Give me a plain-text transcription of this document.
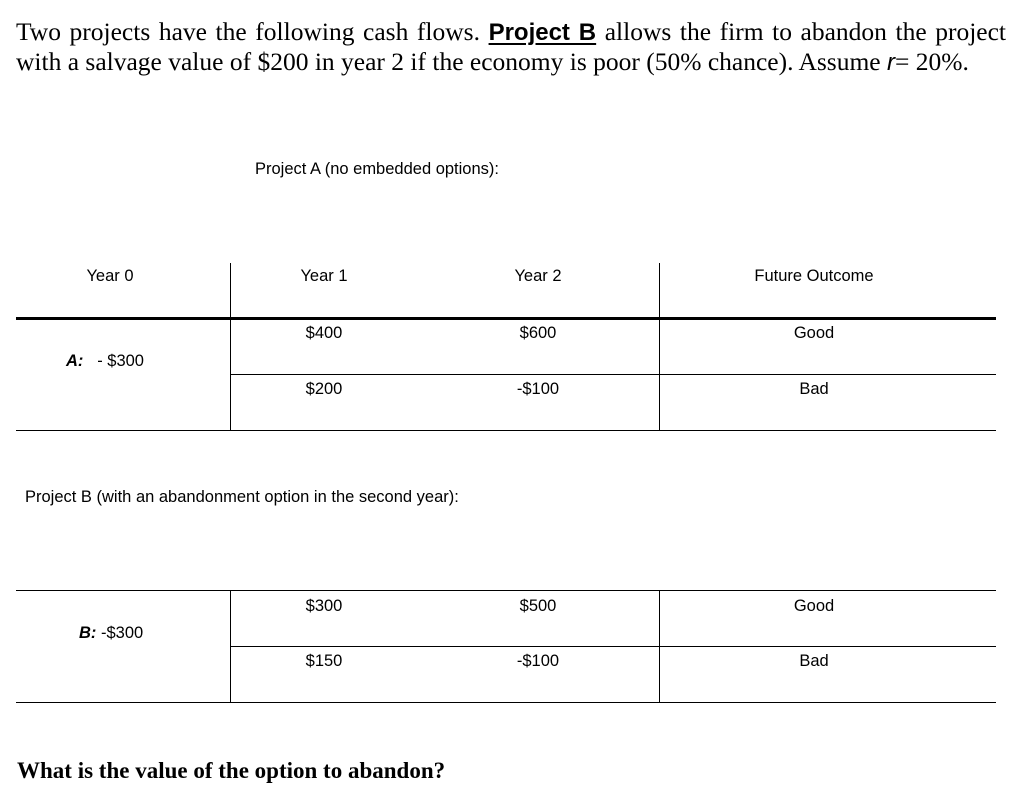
Two projects have the following cash flows. Project B allows the firm to abandon the project
with a salvage value of $200 in year 2 if the economy is poor (50% chance). Assume r= 20%.
Project A (no embedded options):
Year 0	Year 1	Year 2	Future Outcome
A: - $300
$400	$600	Good
$200	-$100	Bad
Project B (with an abandonment option in the second year):
B: -$300
$300	$500	Good
$150	-$100	Bad
What is the value of the option to abandon?
